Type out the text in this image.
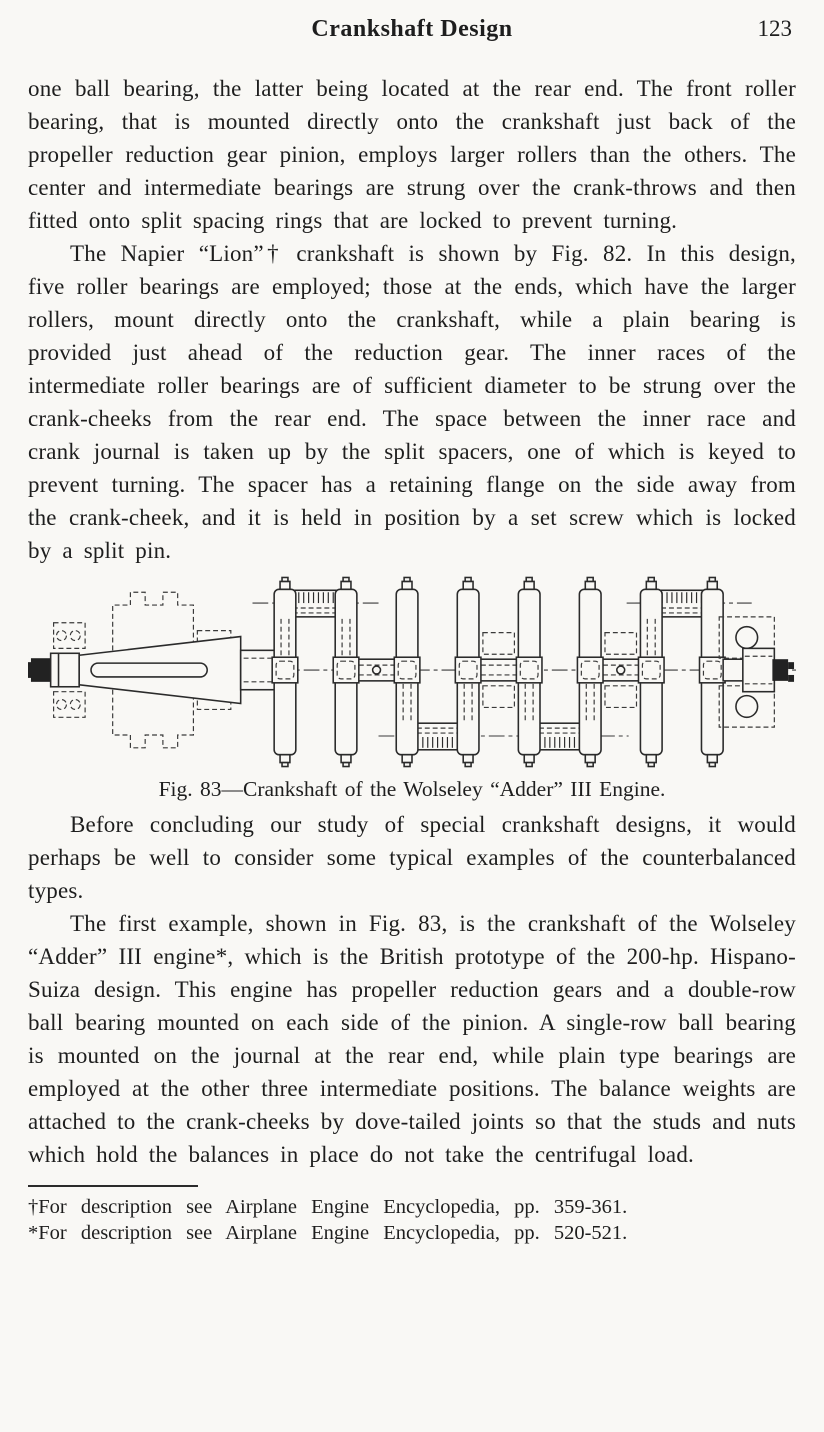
Crankshaft Design	123

one ball bearing, the latter being located at the rear end. The front roller bearing, that is mounted directly onto the crankshaft just back of the propeller reduction gear pinion, employs larger rollers than the others. The center and intermediate bearings are strung over the crank-throws and then fitted onto split spacing rings that are locked to prevent turning.

The Napier “Lion”† crankshaft is shown by Fig. 82. In this design, five roller bearings are employed; those at the ends, which have the larger rollers, mount directly onto the crankshaft, while a plain bearing is provided just ahead of the reduction gear. The inner races of the intermediate roller bearings are of sufficient diameter to be strung over the crank-cheeks from the rear end. The space between the inner race and crank journal is taken up by the split spacers, one of which is keyed to prevent turning. The spacer has a retaining flange on the side away from the crank-cheek, and it is held in position by a set screw which is locked by a split pin.

Fig. 83—Crankshaft of the Wolseley “Adder” III Engine.

Before concluding our study of special crankshaft designs, it would perhaps be well to consider some typical examples of the counterbalanced types.

The first example, shown in Fig. 83, is the crankshaft of the Wolseley “Adder” III engine*, which is the British prototype of the 200-hp. Hispano-Suiza design. This engine has propeller reduction gears and a double-row ball bearing mounted on each side of the pinion. A single-row ball bearing is mounted on the journal at the rear end, while plain type bearings are employed at the other three intermediate positions. The balance weights are attached to the crank-cheeks by dove-tailed joints so that the studs and nuts which hold the balances in place do not take the centrifugal load.

†For description see Airplane Engine Encyclopedia, pp. 359-361.
*For description see Airplane Engine Encyclopedia, pp. 520-521.
